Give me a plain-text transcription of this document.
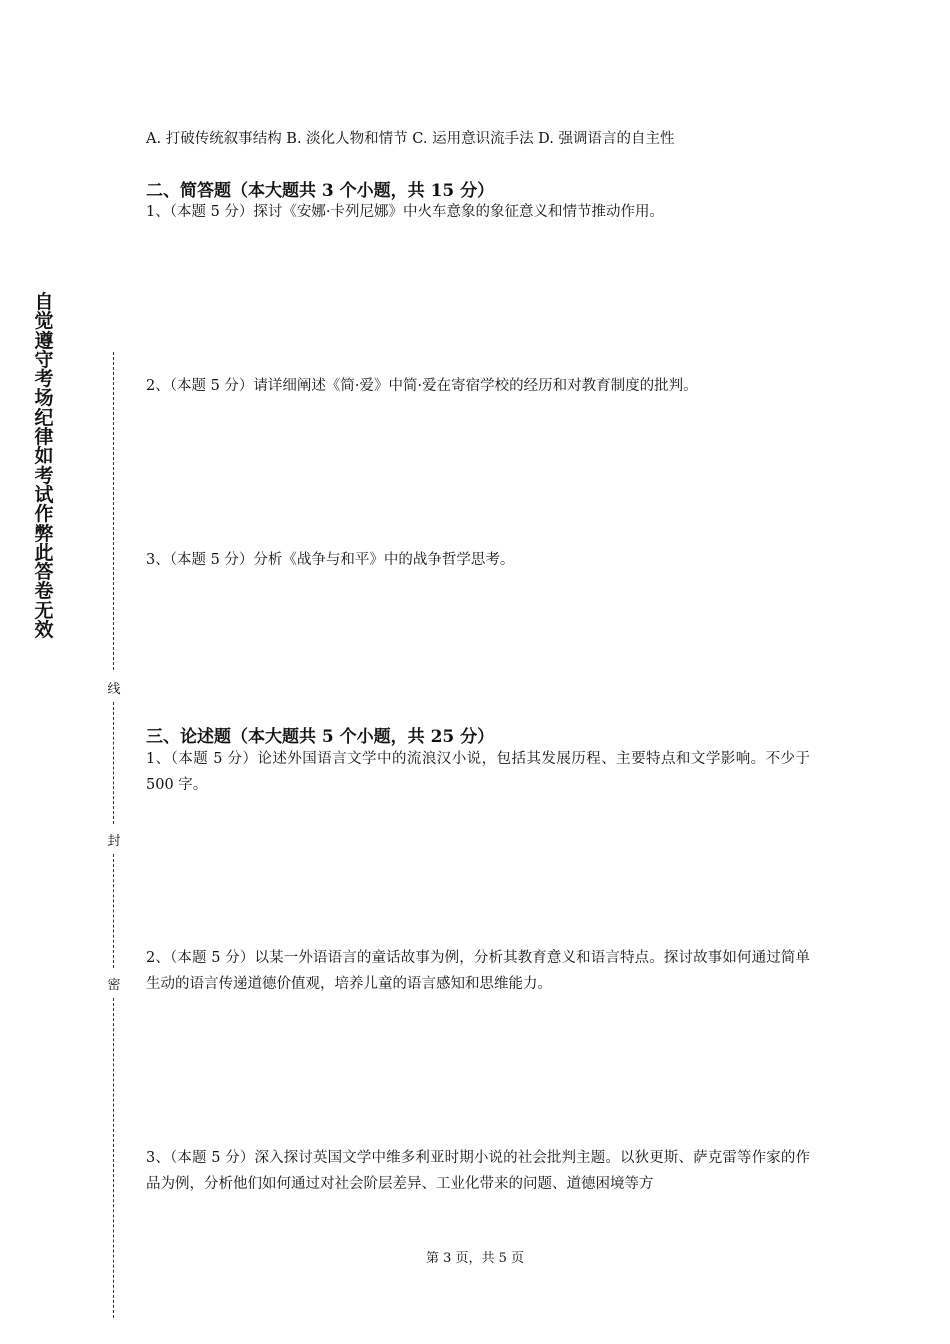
自
觉
遵
守
考
场
纪
律
如
考
试
作
弊
此
答
卷
无
效
线
封
密
A. 打破传统叙事结构 B. 淡化人物和情节 C. 运用意识流手法 D. 强调语言的自主性
二、简答题（本大题共 3 个小题，共 15 分）
1、（本题 5 分）探讨《安娜·卡列尼娜》中火车意象的象征意义和情节推动作用。
2、（本题 5 分）请详细阐述《简·爱》中简·爱在寄宿学校的经历和对教育制度的批判。
3、（本题 5 分）分析《战争与和平》中的战争哲学思考。
三、论述题（本大题共 5 个小题，共 25 分）
1、（本题 5 分）论述外国语言文学中的流浪汉小说，包括其发展历程、主要特点和文学影响。不少于 500 字。
2、（本题 5 分）以某一外语语言的童话故事为例，分析其教育意义和语言特点。探讨故事如何通过简单生动的语言传递道德价值观，培养儿童的语言感知和思维能力。
3、（本题 5 分）深入探讨英国文学中维多利亚时期小说的社会批判主题。以狄更斯、萨克雷等作家的作品为例，分析他们如何通过对社会阶层差异、工业化带来的问题、道德困境等方
第 3 页，共 5 页
